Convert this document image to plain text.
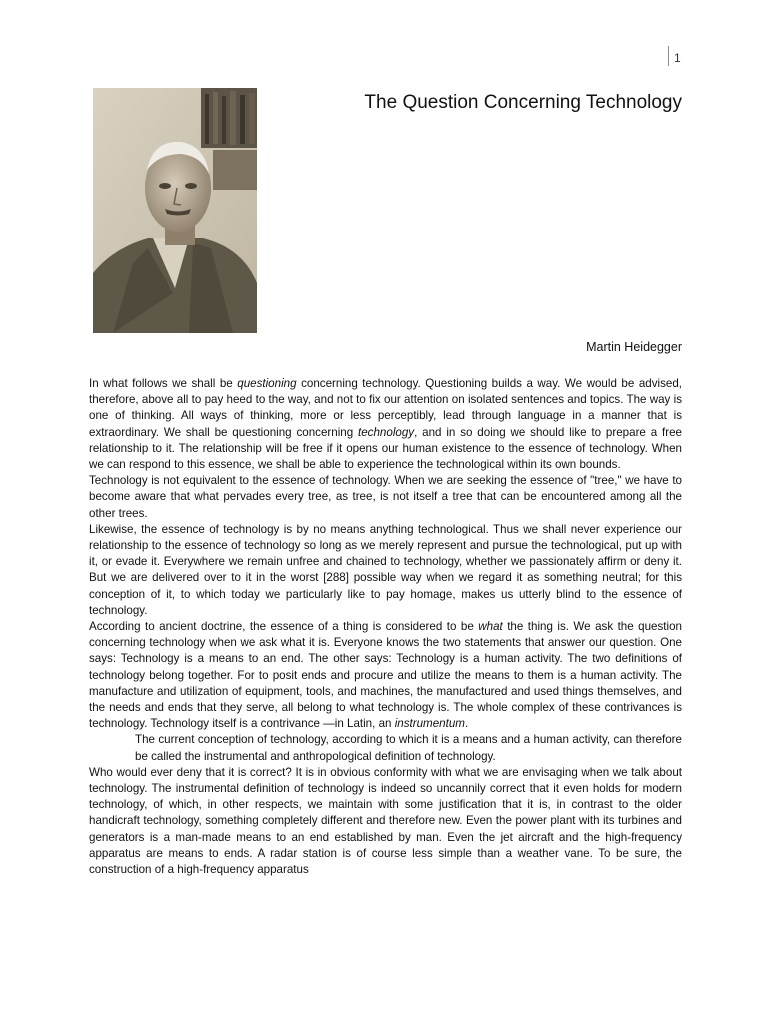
1
The Question Concerning Technology
Martin Heidegger

In what follows we shall be questioning concerning technology. Questioning builds a way. We would be advised, therefore, above all to pay heed to the way, and not to fix our attention on isolated sentences and topics. The way is one of thinking. All ways of thinking, more or less perceptibly, lead through language in a manner that is extraordinary. We shall be questioning concerning technology, and in so doing we should like to prepare a free relationship to it. The relationship will be free if it opens our human existence to the essence of technology. When we can respond to this essence, we shall be able to experience the technological within its own bounds.

Technology is not equivalent to the essence of technology. When we are seeking the essence of "tree," we have to become aware that what pervades every tree, as tree, is not itself a tree that can be encountered among all the other trees.

Likewise, the essence of technology is by no means anything technological. Thus we shall never experience our relationship to the essence of technology so long as we merely represent and pursue the technological, put up with it, or evade it. Everywhere we remain unfree and chained to technology, whether we passionately affirm or deny it. But we are delivered over to it in the worst [288] possible way when we regard it as something neutral; for this conception of it, to which today we particularly like to pay homage, makes us utterly blind to the essence of technology.

According to ancient doctrine, the essence of a thing is considered to be what the thing is. We ask the question concerning technology when we ask what it is. Everyone knows the two statements that answer our question. One says: Technology is a means to an end. The other says: Technology is a human activity. The two definitions of technology belong together. For to posit ends and procure and utilize the means to them is a human activity. The manufacture and utilization of equipment, tools, and machines, the manufactured and used things themselves, and the needs and ends that they serve, all belong to what technology is. The whole complex of these contrivances is technology. Technology itself is a contrivance —in Latin, an instrumentum.

The current conception of technology, according to which it is a means and a human activity, can therefore be called the instrumental and anthropological definition of technology.

Who would ever deny that it is correct? It is in obvious conformity with what we are envisaging when we talk about technology. The instrumental definition of technology is indeed so uncannily correct that it even holds for modern technology, of which, in other respects, we maintain with some justification that it is, in contrast to the older handicraft technology, something completely different and therefore new. Even the power plant with its turbines and generators is a man-made means to an end established by man. Even the jet aircraft and the high-frequency apparatus are means to ends. A radar station is of course less simple than a weather vane. To be sure, the construction of a high-frequency apparatus
